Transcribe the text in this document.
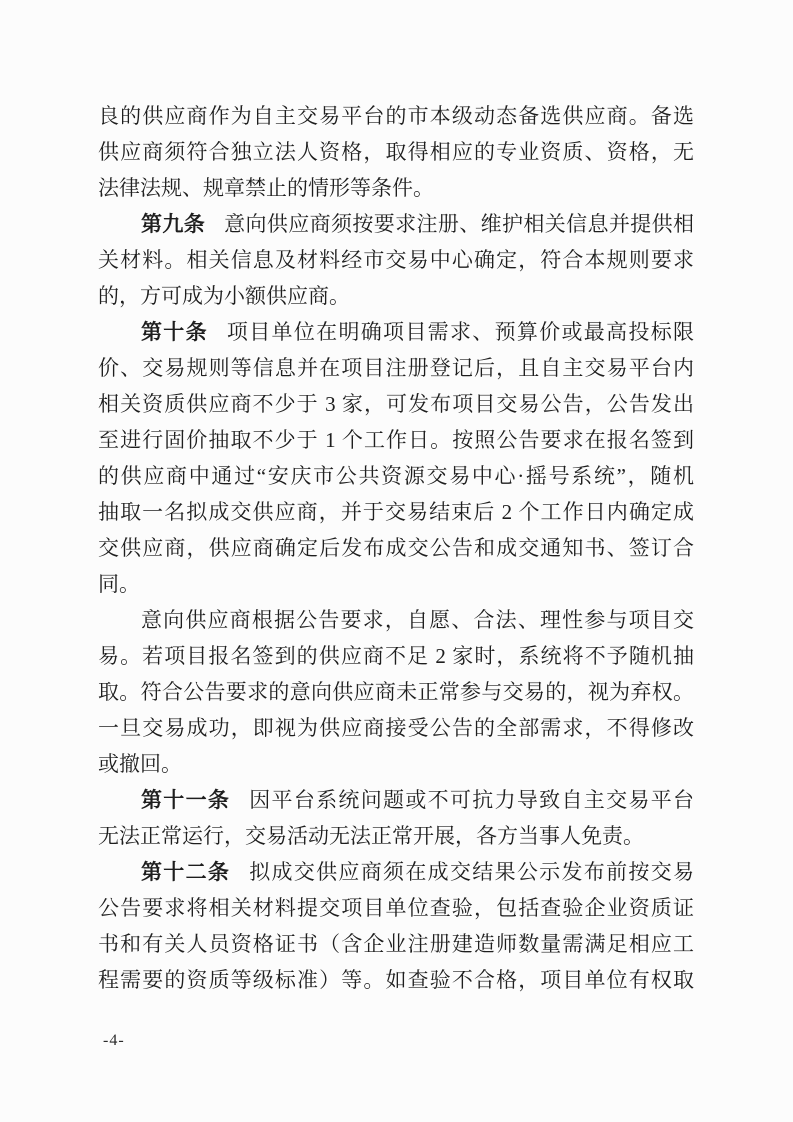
良的供应商作为自主交易平台的市本级动态备选供应商。备选
供应商须符合独立法人资格，取得相应的专业资质、资格，无
法律法规、规章禁止的情形等条件。
第九条 意向供应商须按要求注册、维护相关信息并提供相
关材料。相关信息及材料经市交易中心确定，符合本规则要求
的，方可成为小额供应商。
第十条 项目单位在明确项目需求、预算价或最高投标限
价、交易规则等信息并在项目注册登记后，且自主交易平台内
相关资质供应商不少于 3 家，可发布项目交易公告，公告发出
至进行固价抽取不少于 1 个工作日。按照公告要求在报名签到
的供应商中通过“安庆市公共资源交易中心·摇号系统”，随机
抽取一名拟成交供应商，并于交易结束后 2 个工作日内确定成
交供应商，供应商确定后发布成交公告和成交通知书、签订合
同。
意向供应商根据公告要求，自愿、合法、理性参与项目交
易。若项目报名签到的供应商不足 2 家时，系统将不予随机抽
取。符合公告要求的意向供应商未正常参与交易的，视为弃权。
一旦交易成功，即视为供应商接受公告的全部需求，不得修改
或撤回。
第十一条 因平台系统问题或不可抗力导致自主交易平台
无法正常运行，交易活动无法正常开展，各方当事人免责。
第十二条 拟成交供应商须在成交结果公示发布前按交易
公告要求将相关材料提交项目单位查验，包括查验企业资质证
书和有关人员资格证书（含企业注册建造师数量需满足相应工
程需要的资质等级标准）等。如查验不合格，项目单位有权取
-4-
